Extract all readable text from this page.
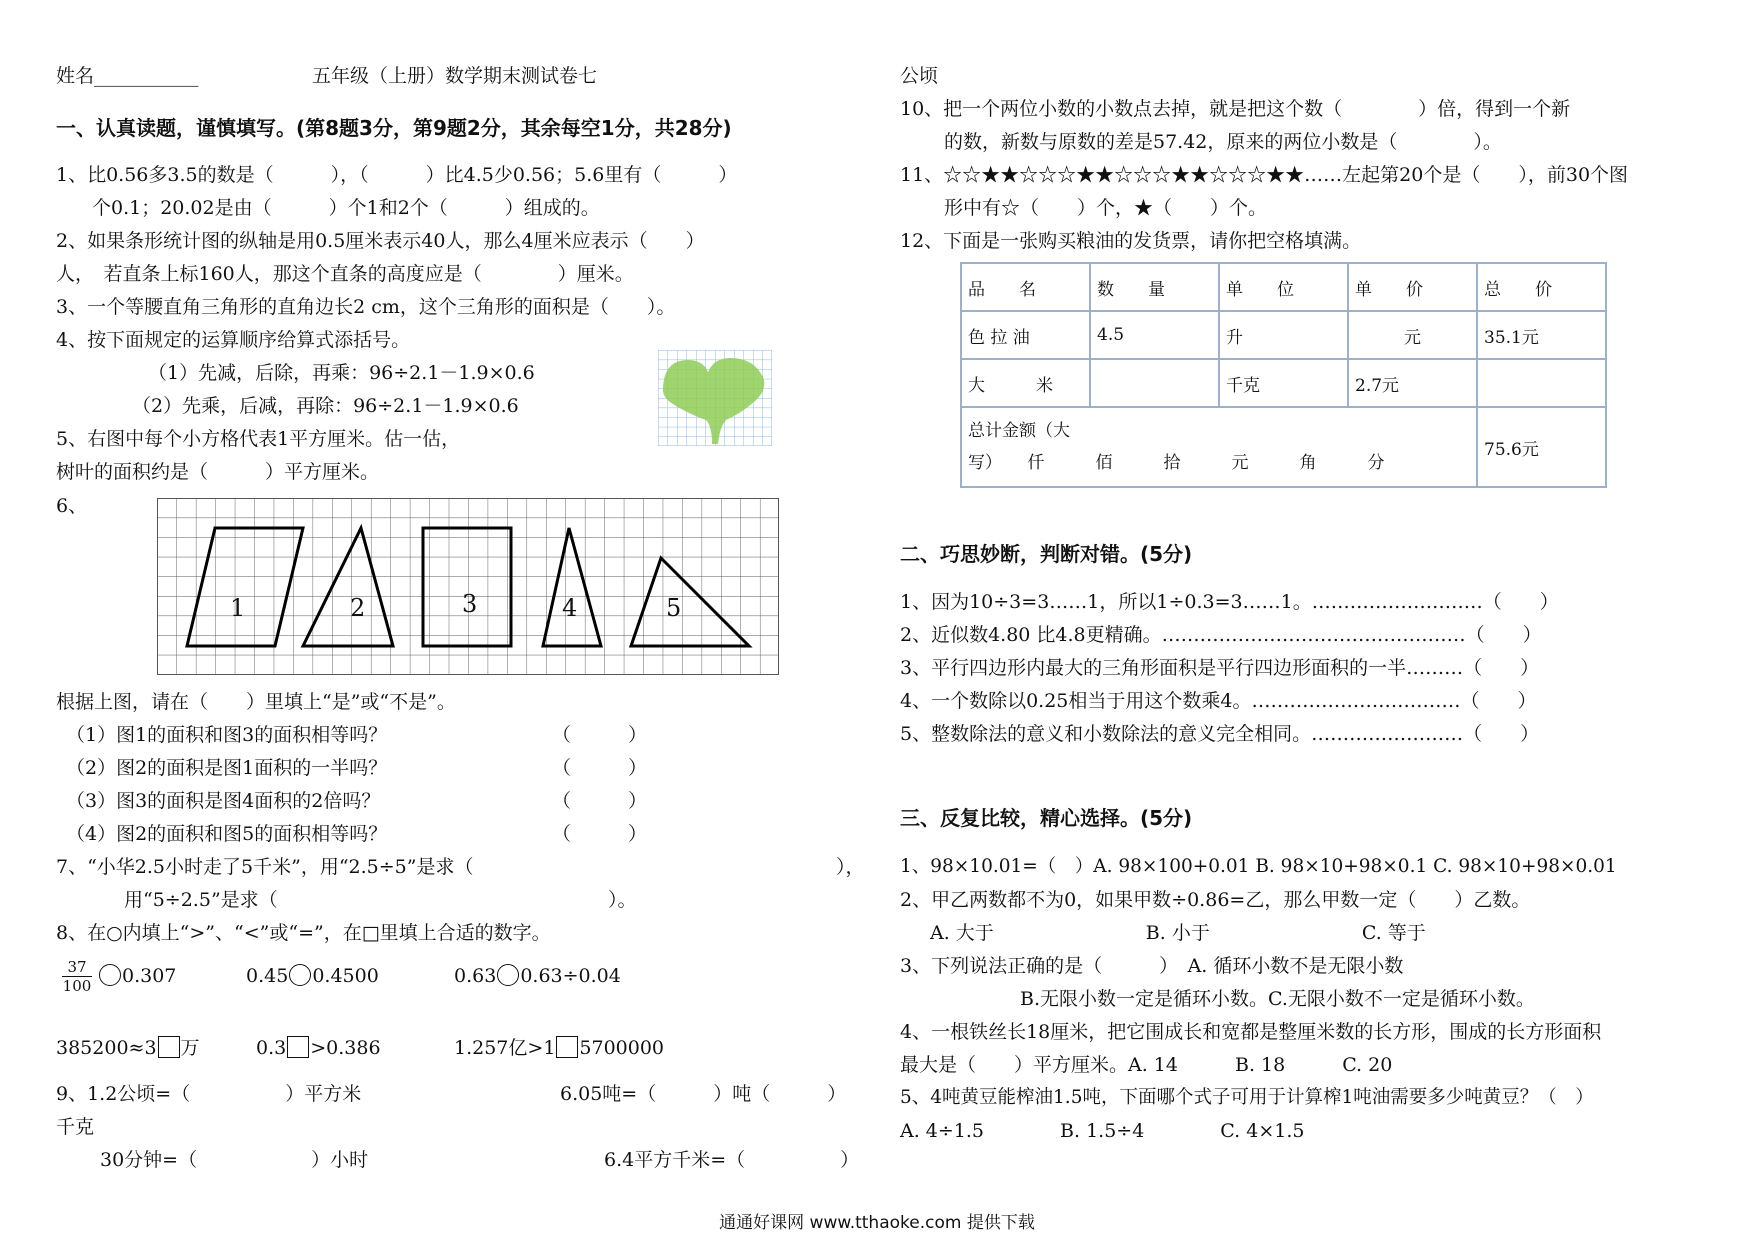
姓名___________	五年级（上册）数学期末测试卷七
一、认真读题，谨慎填写。(第8题3分，第9题2分，其余每空1分，共28分)
1、比0.56多3.5的数是（　　　），（　　　）比4.5少0.56；5.6里有（　　　）
个0.1；20.02是由（　　　）个1和2个（　　　）组成的。
2、如果条形统计图的纵轴是用0.5厘米表示40人，那么4厘米应表示（　　）
人，　若直条上标160人，那这个直条的高度应是（　　　　）厘米。
3、一个等腰直角三角形的直角边长2 cm，这个三角形的面积是（　　）。
4、按下面规定的运算顺序给算式添括号。
（1）先减，后除，再乘：96÷2.1－1.9×0.6
（2）先乘，后减，再除：96÷2.1－1.9×0.6
5、右图中每个小方格代表1平方厘米。估一估，
树叶的面积约是（　　　）平方厘米。
6、
1	2	3	4	5
根据上图，请在（　　）里填上“是”或“不是”。
（1）图1的面积和图3的面积相等吗？	（　　　）
（2）图2的面积是图1面积的一半吗？	（　　　）
（3）图3的面积是图4面积的2倍吗？	（　　　）
（4）图2的面积和图5的面积相等吗？	（　　　）
7、“小华2.5小时走了5千米”，用“2.5÷5”是求（	），
用“5÷2.5”是求（	）。
8、在○内填上“>”、“<”或“=”，在□里填上合适的数字。
$\frac{37}{100}$	0.307	0.45 0.4500	0.63 0.63÷0.04
385200≈3 万	0.3 >0.386	1.257亿>1 5700000
9、1.2公顷=（　　　　　）平方米	6.05吨=（　　　）吨（　　　）
千克
30分钟=（　　　　　　）小时	6.4平方千米=（　　　　　）
公顷
10、把一个两位小数的小数点去掉，就是把这个数（　　　　）倍，得到一个新
的数，新数与原数的差是57.42，原来的两位小数是（　　　　）。
11、☆☆★★☆☆☆★★☆☆☆★★☆☆☆★★……左起第20个是（　　），前30个图
形中有☆（　　）个，★（　　）个。
12、下面是一张购买粮油的发货票，请你把空格填满。
品　　名	数　　量	单　　位	单　　价	总　　价
色 拉 油	4.5	升	元	35.1元
大　　　米		千克	2.7元	

总计金额（大
写）　　仟　　　佰　　　拾　　　元　　　角　　　分				75.6元
二、巧思妙断，判断对错。(5分)
1、因为10÷3=3……1，所以1÷0.3=3……1。………………………（　　）
2、近似数4.80 比4.8更精确。…………………………………………（　　）
3、平行四边形内最大的三角形面积是平行四边形面积的一半………（　　）
4、一个数除以0.25相当于用这个数乘4。……………………………（　　）
5、整数除法的意义和小数除法的意义完全相同。……………………（　　）
三、反复比较，精心选择。(5分)
1、98×10.01=（　）A. 98×100+0.01 B. 98×10+98×0.1 C. 98×10+98×0.01
2、甲乙两数都不为0，如果甲数÷0.86=乙，那么甲数一定（　　）乙数。
A. 大于　　　　　　　　B. 小于　　　　　　　　C. 等于
3、下列说法正确的是（　　　）　A. 循环小数不是无限小数
B.无限小数一定是循环小数。C.无限小数不一定是循环小数。
4、一根铁丝长18厘米，把它围成长和宽都是整厘米数的长方形，围成的长方形面积
最大是（　　）平方厘米。A. 14　　　B. 18　　　C. 20
5、4吨黄豆能榨油1.5吨，下面哪个式子可用于计算榨1吨油需要多少吨黄豆？（　）
A. 4÷1.5　　　　B. 1.5÷4　　　　C. 4×1.5
通通好课网 www.tthaoke.com 提供下载
